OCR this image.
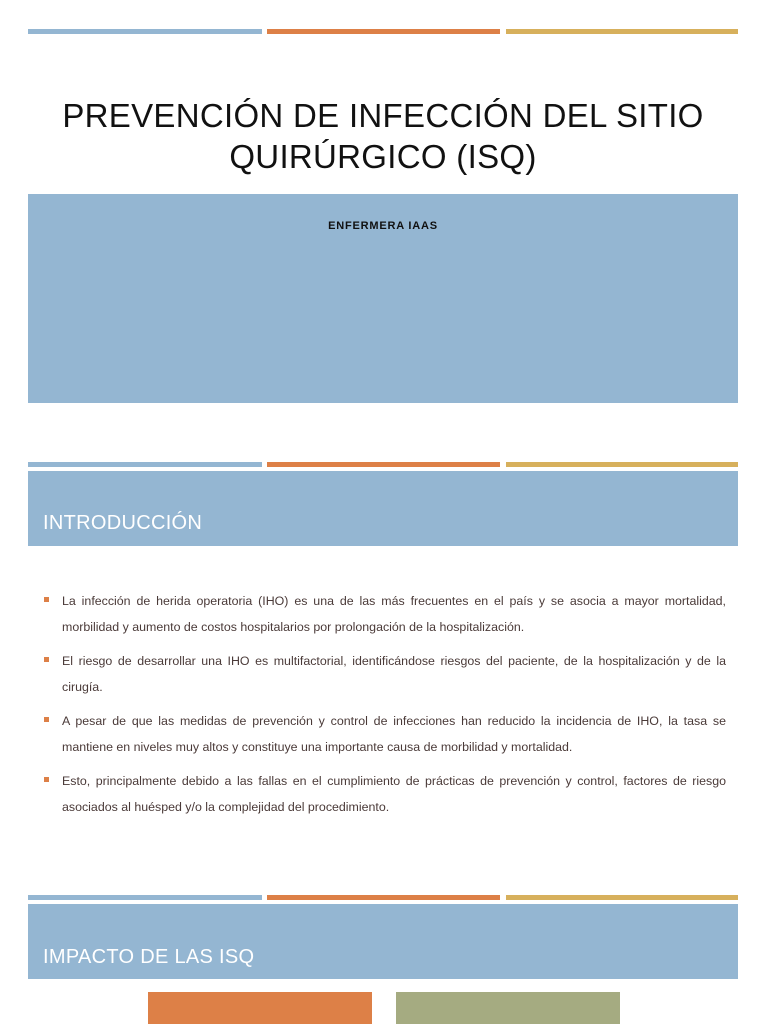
PREVENCIÓN DE INFECCIÓN DEL SITIO QUIRÚRGICO (ISQ)
ENFERMERA IAAS
INTRODUCCIÓN
La infección de herida operatoria (IHO) es una de las más frecuentes en el país y se asocia a mayor mortalidad, morbilidad y aumento de costos hospitalarios por prolongación de la hospitalización.
El riesgo de desarrollar una IHO es multifactorial, identificándose riesgos del paciente, de la hospitalización y de la cirugía.
A pesar de que las medidas de prevención y control de infecciones han reducido la incidencia de IHO, la tasa se mantiene en niveles muy altos y constituye una importante causa de morbilidad y mortalidad.
Esto, principalmente debido a las fallas en el cumplimiento de prácticas de prevención y control, factores de riesgo asociados al huésped y/o la complejidad del procedimiento.
IMPACTO DE LAS ISQ
